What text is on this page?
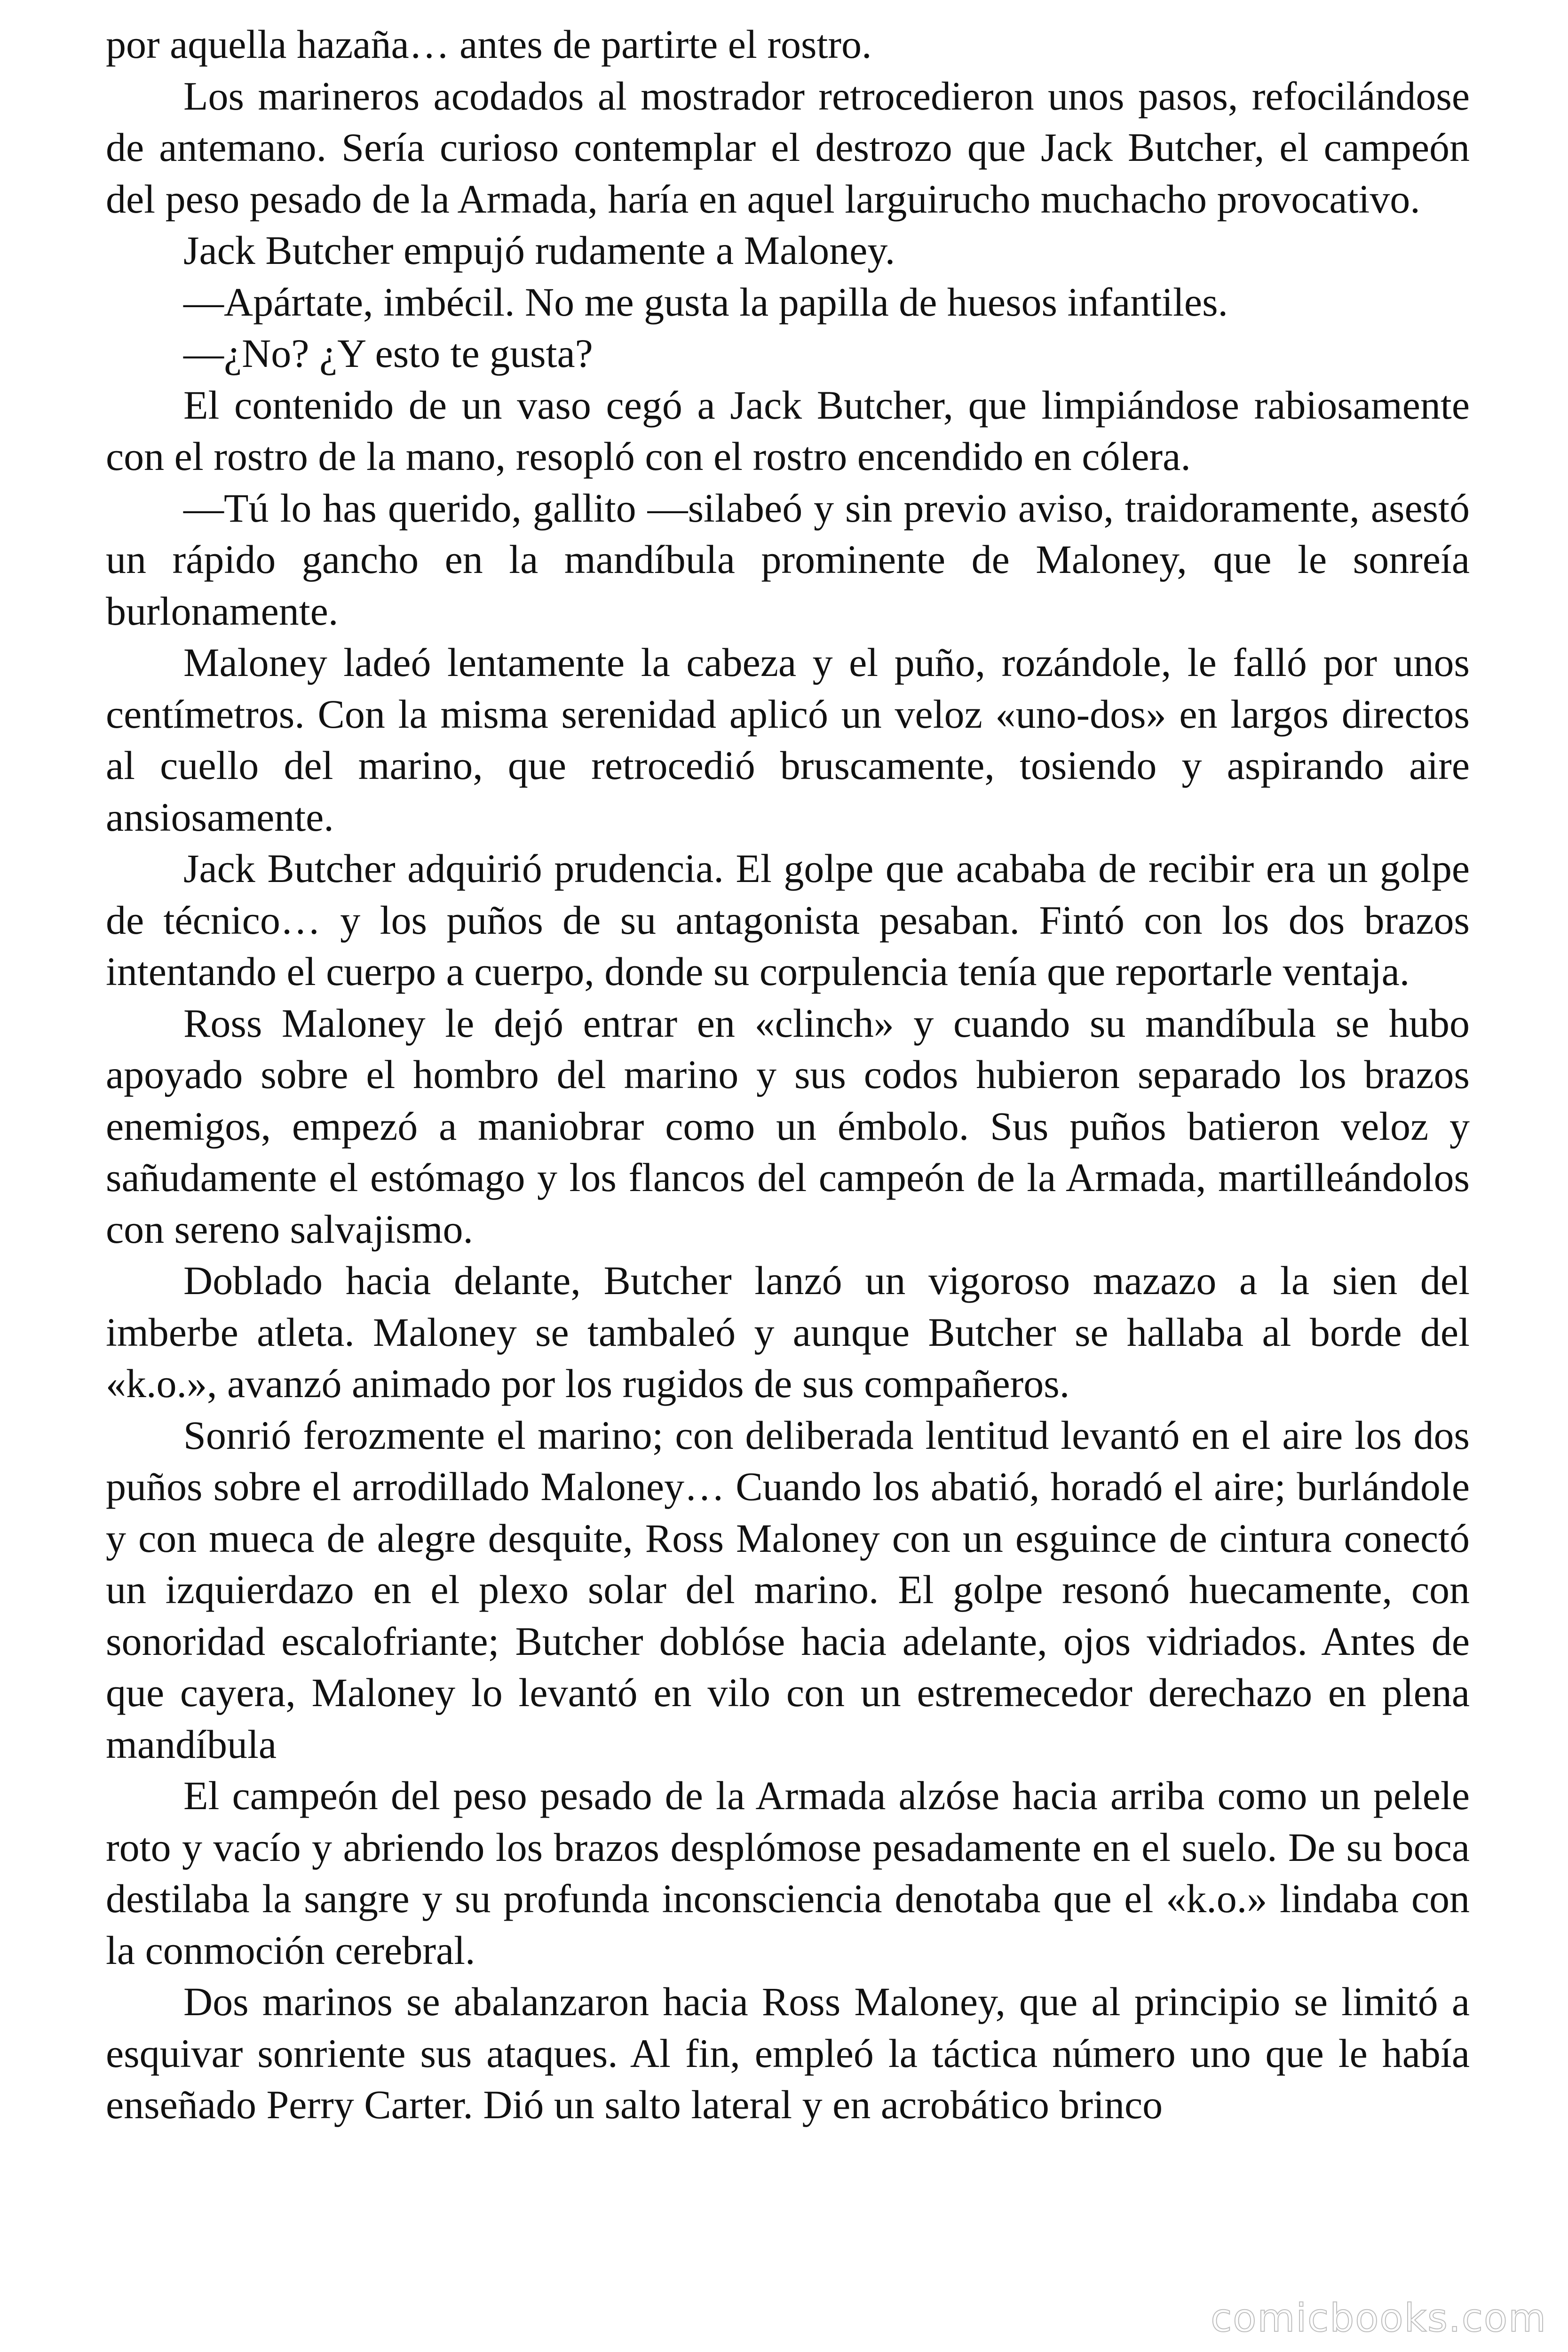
por aquella hazaña… antes de partirte el rostro.

Los marineros acodados al mostrador retrocedieron unos pasos, refocilándose de antemano. Sería curioso contemplar el destrozo que Jack Butcher, el campeón del peso pesado de la Armada, haría en aquel larguirucho muchacho provocativo.

Jack Butcher empujó rudamente a Maloney.

—Apártate, imbécil. No me gusta la papilla de huesos infantiles.

—¿No? ¿Y esto te gusta?

El contenido de un vaso cegó a Jack Butcher, que limpiándose rabiosamente con el rostro de la mano, resopló con el rostro encendido en cólera.

—Tú lo has querido, gallito —silabeó y sin previo aviso, traidoramente, asestó un rápido gancho en la mandíbula prominente de Maloney, que le sonreía burlonamente.

Maloney ladeó lentamente la cabeza y el puño, rozándole, le falló por unos centímetros. Con la misma serenidad aplicó un veloz «uno-dos» en largos directos al cuello del marino, que retrocedió bruscamente, tosiendo y aspirando aire ansiosamente.

Jack Butcher adquirió prudencia. El golpe que acababa de recibir era un golpe de técnico… y los puños de su antagonista pesaban. Fintó con los dos brazos intentando el cuerpo a cuerpo, donde su corpulencia tenía que reportarle ventaja.

Ross Maloney le dejó entrar en «clinch» y cuando su mandíbula se hubo apoyado sobre el hombro del marino y sus codos hubieron separado los brazos enemigos, empezó a maniobrar como un émbolo. Sus puños batieron veloz y sañudamente el estómago y los flancos del campeón de la Armada, martilleándolos con sereno salvajismo.

Doblado hacia delante, Butcher lanzó un vigoroso mazazo a la sien del imberbe atleta. Maloney se tambaleó y aunque Butcher se hallaba al borde del «k.o.», avanzó animado por los rugidos de sus compañeros.

Sonrió ferozmente el marino; con deliberada lentitud levantó en el aire los dos puños sobre el arrodillado Maloney… Cuando los abatió, horadó el aire; burlándole y con mueca de alegre desquite, Ross Maloney con un esguince de cintura conectó un izquierdazo en el plexo solar del marino. El golpe resonó huecamente, con sonoridad escalofriante; Butcher doblóse hacia adelante, ojos vidriados. Antes de que cayera, Maloney lo levantó en vilo con un estremecedor derechazo en plena mandíbula

El campeón del peso pesado de la Armada alzóse hacia arriba como un pelele roto y vacío y abriendo los brazos desplómose pesadamente en el suelo. De su boca destilaba la sangre y su profunda inconsciencia denotaba que el «k.o.» lindaba con la conmoción cerebral.

Dos marinos se abalanzaron hacia Ross Maloney, que al principio se limitó a esquivar sonriente sus ataques. Al fin, empleó la táctica número uno que le había enseñado Perry Carter. Dió un salto lateral y en acrobático brinco

comicbooks.com
